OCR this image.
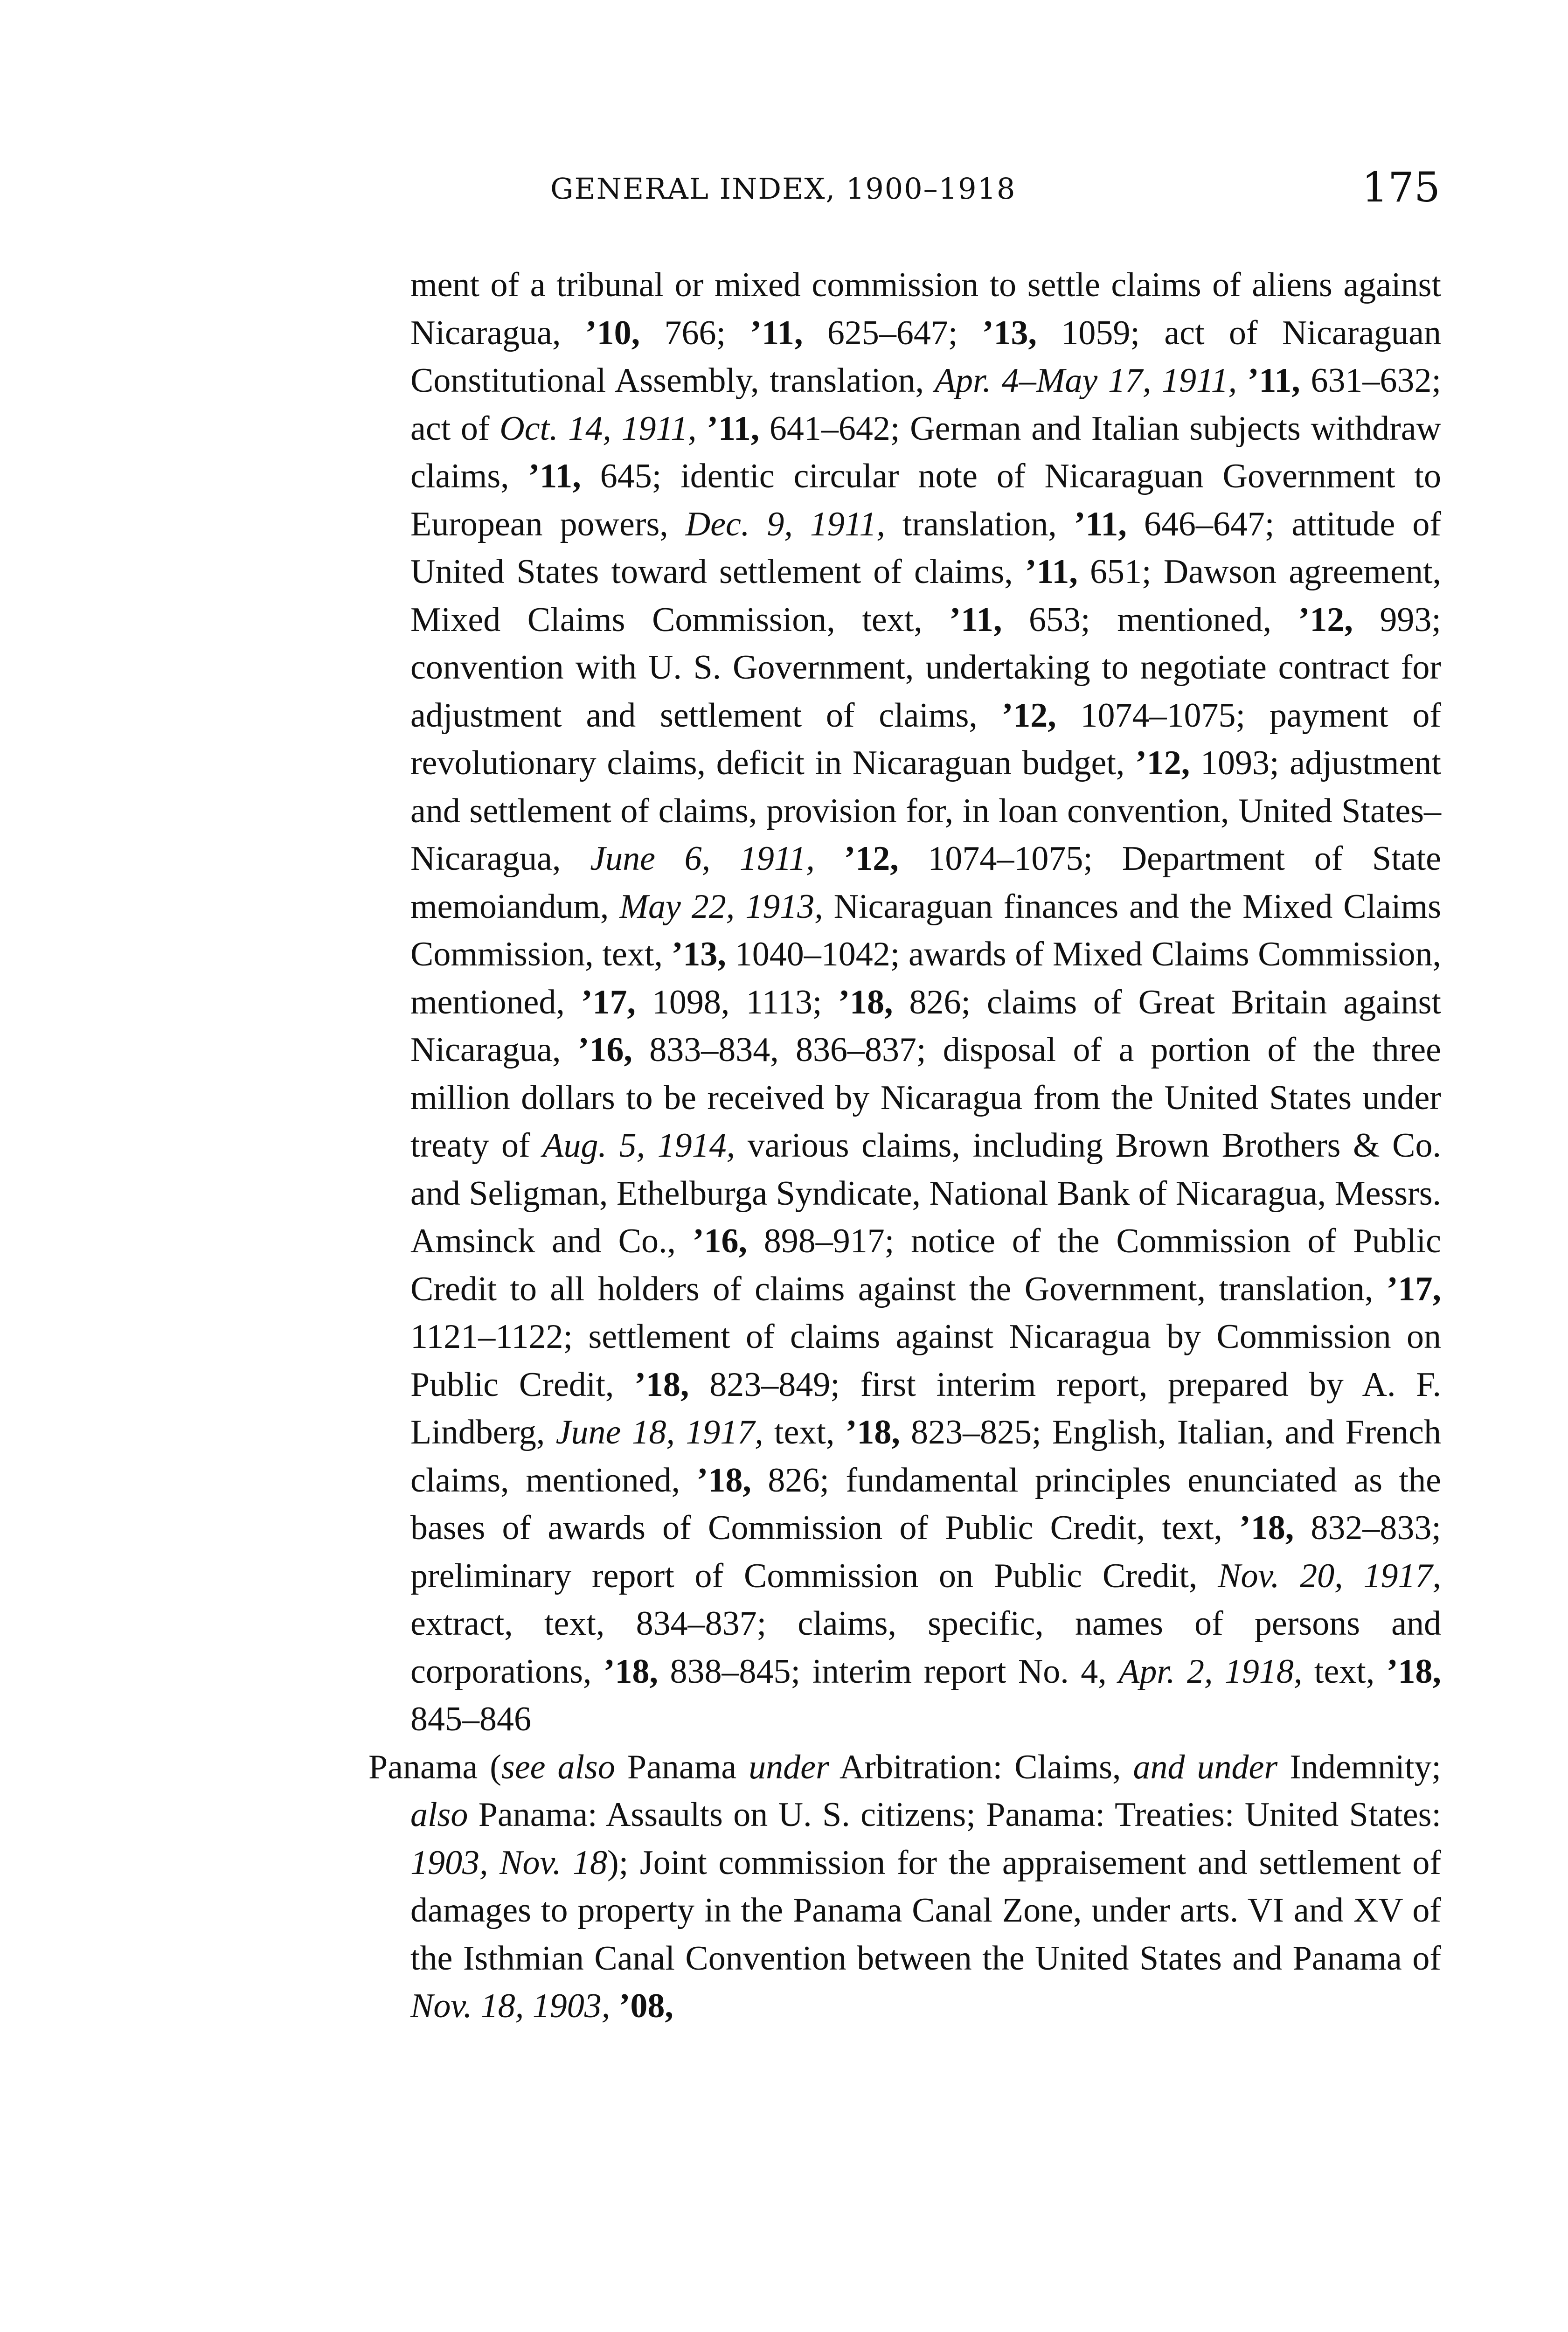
GENERAL INDEX, 1900–1918	175

ment of a tribunal or mixed commission to settle claims of aliens against Nicaragua, ’10, 766; ’11, 625–647; ’13, 1059; act of Nicaraguan Constitutional Assembly, translation, Apr. 4–May 17, 1911, ’11, 631–632; act of Oct. 14, 1911, ’11, 641–642; German and Italian subjects withdraw claims, ’11, 645; identic circular note of Nicaraguan Government to European powers, Dec. 9, 1911, translation, ’11, 646–647; attitude of United States toward settlement of claims, ’11, 651; Dawson agreement, Mixed Claims Commission, text, ’11, 653; mentioned, ’12, 993; convention with U. S. Government, undertaking to negotiate contract for adjustment and settlement of claims, ’12, 1074–1075; payment of revolutionary claims, deficit in Nicaraguan budget, ’12, 1093; adjustment and settlement of claims, provision for, in loan convention, United States–Nicaragua, June 6, 1911, ’12, 1074–1075; Department of State memoiandum, May 22, 1913, Nicaraguan finances and the Mixed Claims Commission, text, ’13, 1040–1042; awards of Mixed Claims Commission, mentioned, ’17, 1098, 1113; ’18, 826; claims of Great Britain against Nicaragua, ’16, 833–834, 836–837; disposal of a portion of the three million dollars to be received by Nicaragua from the United States under treaty of Aug. 5, 1914, various claims, including Brown Brothers & Co. and Seligman, Ethelburga Syndicate, National Bank of Nicaragua, Messrs. Amsinck and Co., ’16, 898–917; notice of the Commission of Public Credit to all holders of claims against the Government, translation, ’17, 1121–1122; settlement of claims against Nicaragua by Commission on Public Credit, ’18, 823–849; first interim report, prepared by A. F. Lindberg, June 18, 1917, text, ’18, 823–825; English, Italian, and French claims, mentioned, ’18, 826; fundamental principles enunciated as the bases of awards of Commission of Public Credit, text, ’18, 832–833; preliminary report of Commission on Public Credit, Nov. 20, 1917, extract, text, 834–837; claims, specific, names of persons and corporations, ’18, 838–845; interim report No. 4, Apr. 2, 1918, text, ’18, 845–846

Panama (see also Panama under Arbitration: Claims, and under Indemnity; also Panama: Assaults on U. S. citizens; Panama: Treaties: United States: 1903, Nov. 18); Joint commission for the appraisement and settlement of damages to property in the Panama Canal Zone, under arts. VI and XV of the Isthmian Canal Convention between the United States and Panama of Nov. 18, 1903, ’08,
